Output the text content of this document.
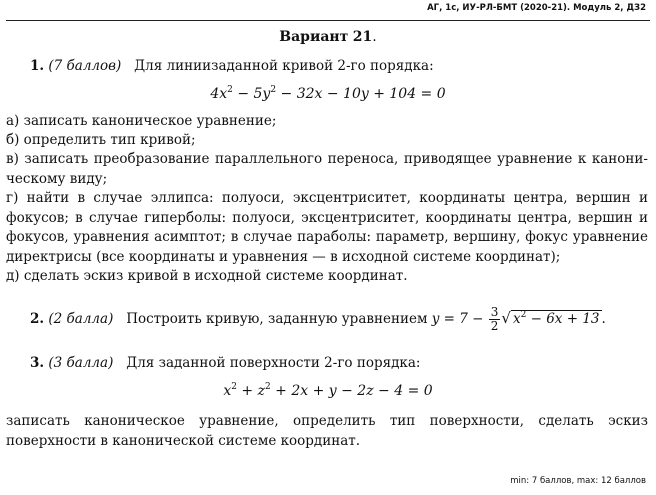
АГ, 1с, ИУ-РЛ-БМТ (2020-21). Модуль 2, ДЗ2
Вариант 21.
1. (7 баллов) Для линиизаданной кривой 2-го порядка:
$4x^2 - 5y^2 - 32x - 10y + 104 = 0$
а) записать каноническое уравнение;
б) определить тип кривой;
в) записать преобразование параллельного переноса, приводящее уравнение к канони-ческому виду;
г) найти в случае эллипса: полуоси, эксцентриситет, координаты центра, вершин и фокусов; в случае гиперболы: полуоси, эксцентриситет, координаты центра, вершин и фокусов, уравнения асимптот; в случае параболы: параметр, вершину, фокус уравнение директрисы (все координаты и уравнения — в исходной системе координат);
д) сделать эскиз кривой в исходной системе координат.
2. (2 балла) Построить кривую, заданную уравнением $y = 7 - \frac{3}{2}$ √ $x^2 - 6x + 13$ .
3. (3 балла) Для заданной поверхности 2-го порядка:
$x^2 + z^2 + 2x + y - 2z - 4 = 0$
записать каноническое уравнение, определить тип поверхности, сделать эскиз поверхности в канонической системе координат.
min: 7 баллов, max: 12 баллов
